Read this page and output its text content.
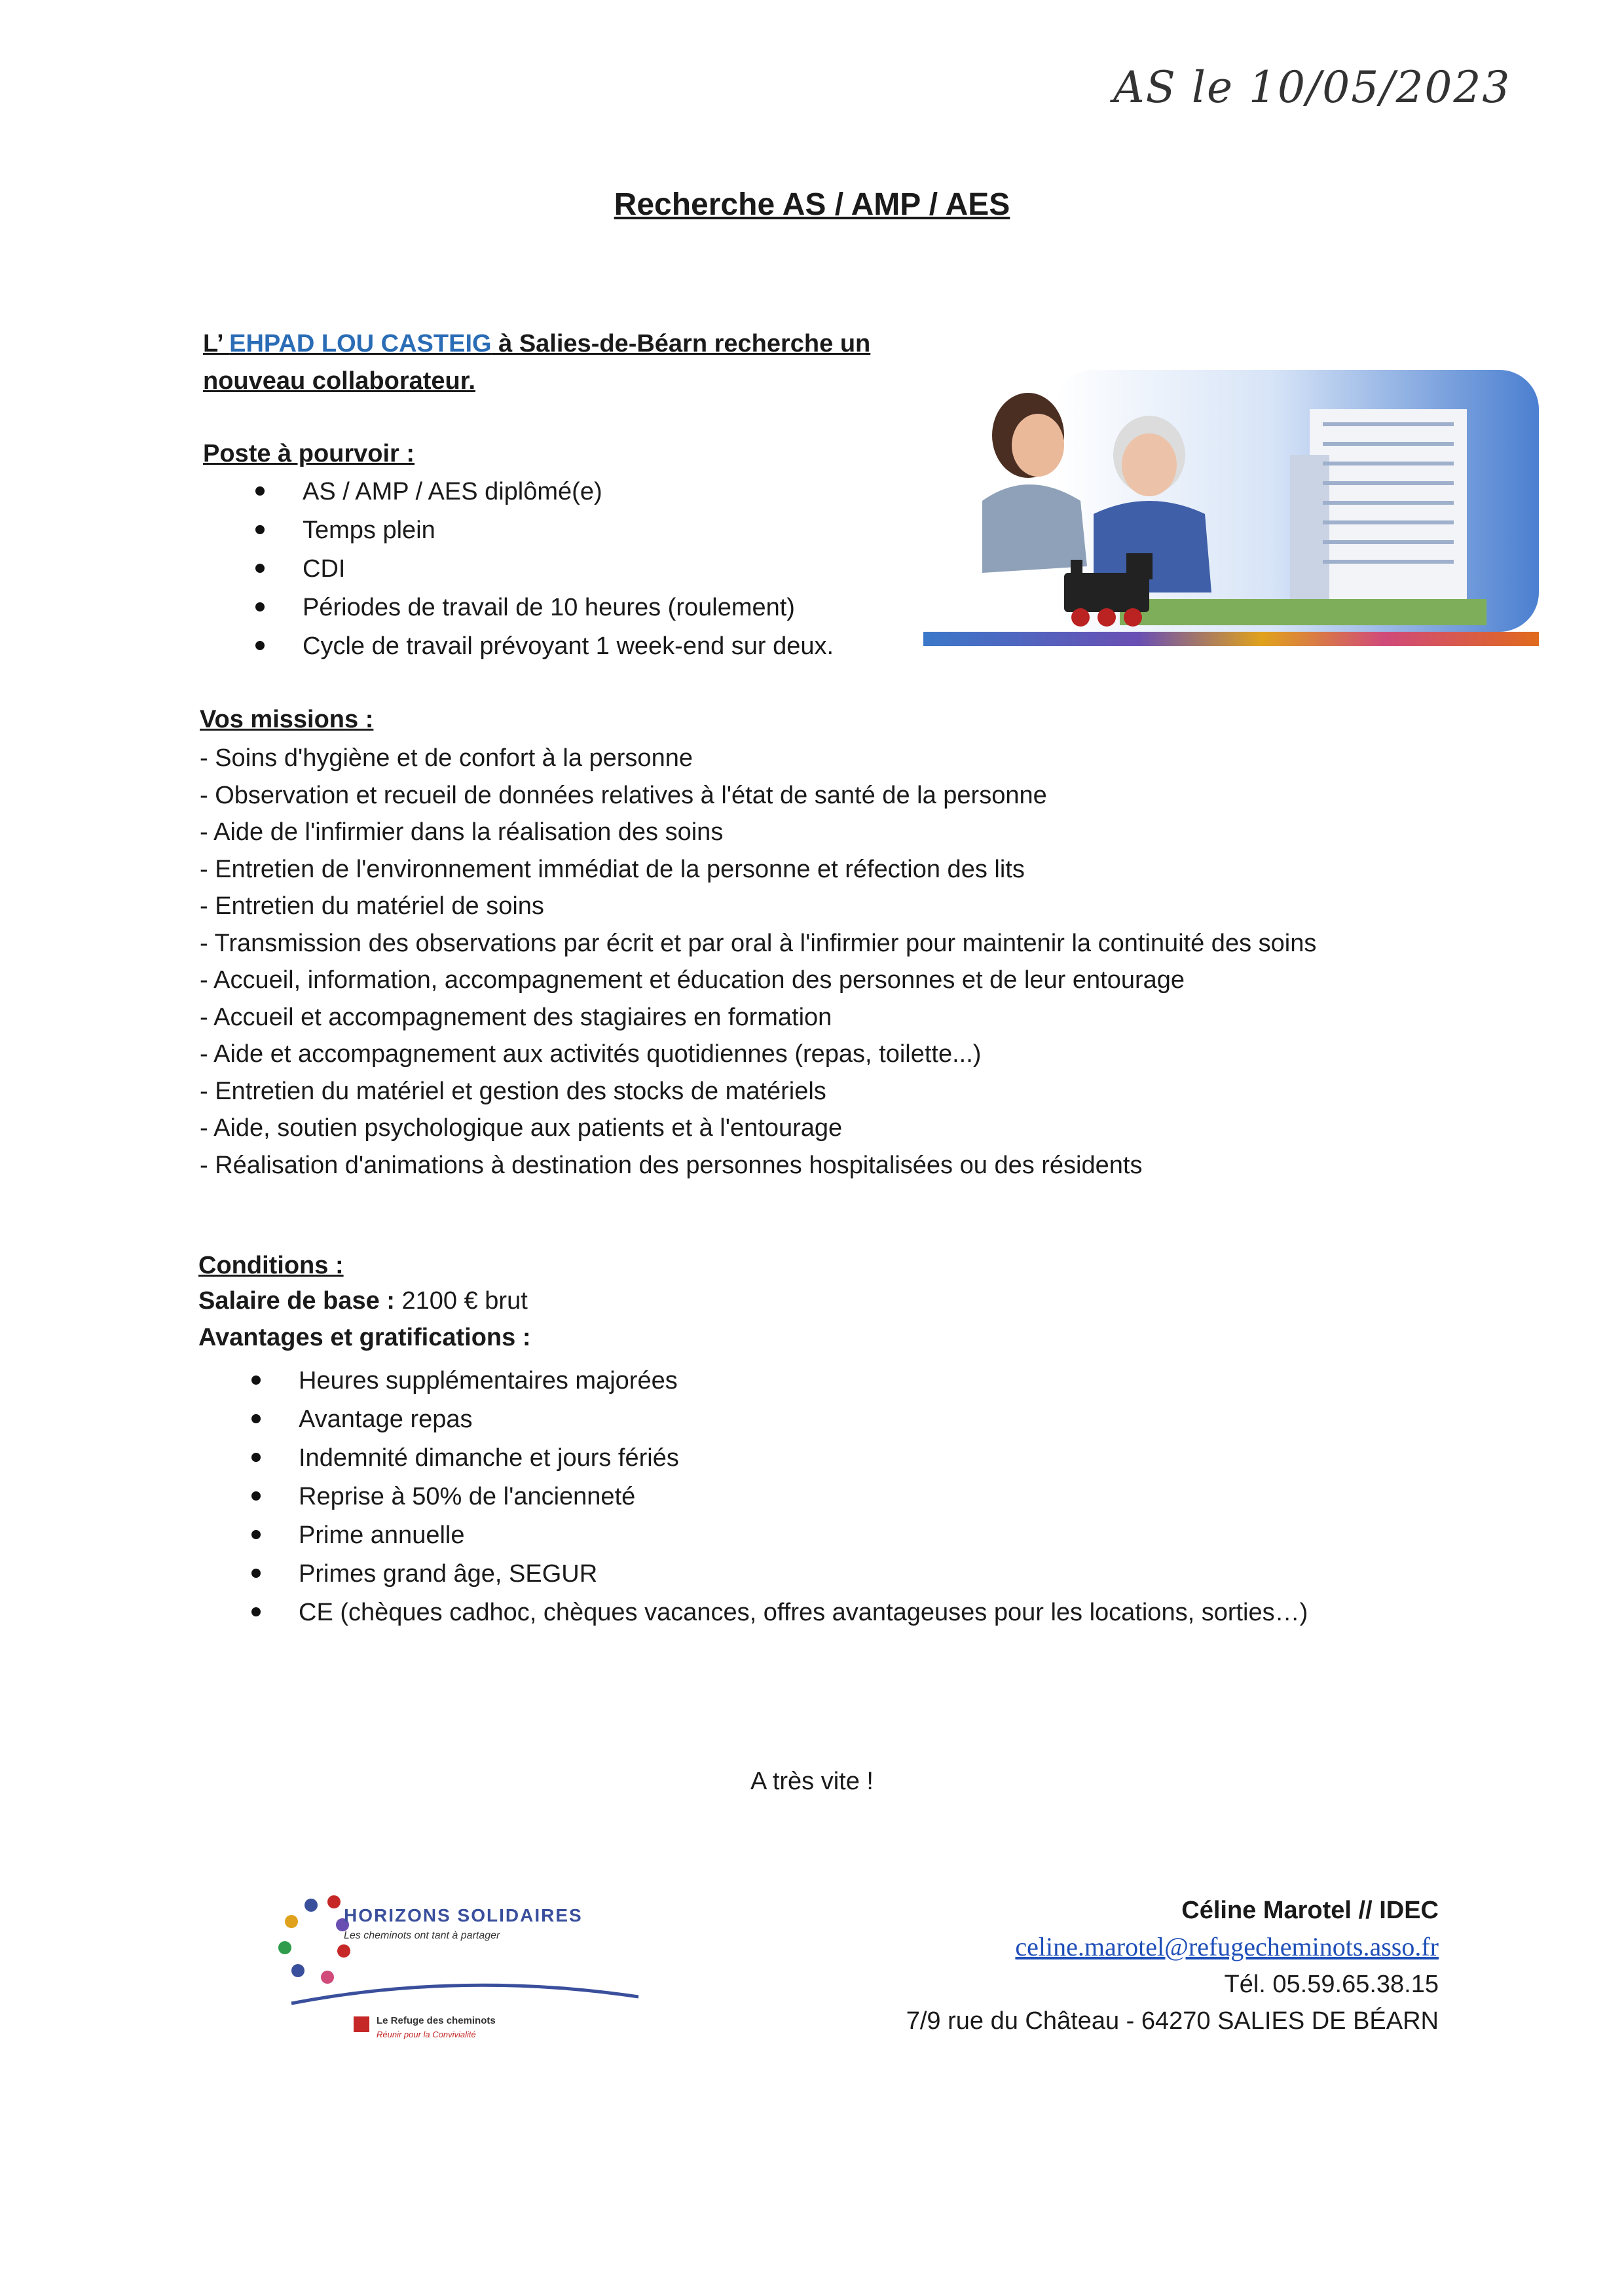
AS le 10/05/2023
Recherche AS / AMP / AES
L’ EHPAD LOU CASTEIG à Salies-de-Béarn recherche un
nouveau collaborateur.
Poste à pourvoir :
AS / AMP / AES diplômé(e)
Temps plein
CDI
Périodes de travail de 10 heures (roulement)
Cycle de travail prévoyant 1 week-end sur deux.
Vos missions :
- Soins d'hygiène et de confort à la personne
- Observation et recueil de données relatives à l'état de santé de la personne
- Aide de l'infirmier dans la réalisation des soins
- Entretien de l'environnement immédiat de la personne et réfection des lits
- Entretien du matériel de soins
- Transmission des observations par écrit et par oral à l'infirmier pour maintenir la continuité des soins
- Accueil, information, accompagnement et éducation des personnes et de leur entourage
- Accueil et accompagnement des stagiaires en formation
- Aide et accompagnement aux activités quotidiennes (repas, toilette...)
- Entretien du matériel et gestion des stocks de matériels
- Aide, soutien psychologique aux patients et à l'entourage
- Réalisation d'animations à destination des personnes hospitalisées ou des résidents
Conditions :
Salaire de base : 2100 € brut
Avantages et gratifications :
Heures supplémentaires majorées
Avantage repas
Indemnité dimanche et jours fériés
Reprise à 50% de l'ancienneté
Prime annuelle
Primes grand âge, SEGUR
CE (chèques cadhoc, chèques vacances, offres avantageuses pour les locations, sorties…)
A très vite !
HORIZONS SOLIDAIRES
Les cheminots ont tant à partager
Le Refuge des cheminots
Réunir pour la Convivialité
Céline Marotel // IDEC
celine.marotel@refugecheminots.asso.fr
Tél. 05.59.65.38.15
7/9 rue du Château - 64270 SALIES DE BÉARN
